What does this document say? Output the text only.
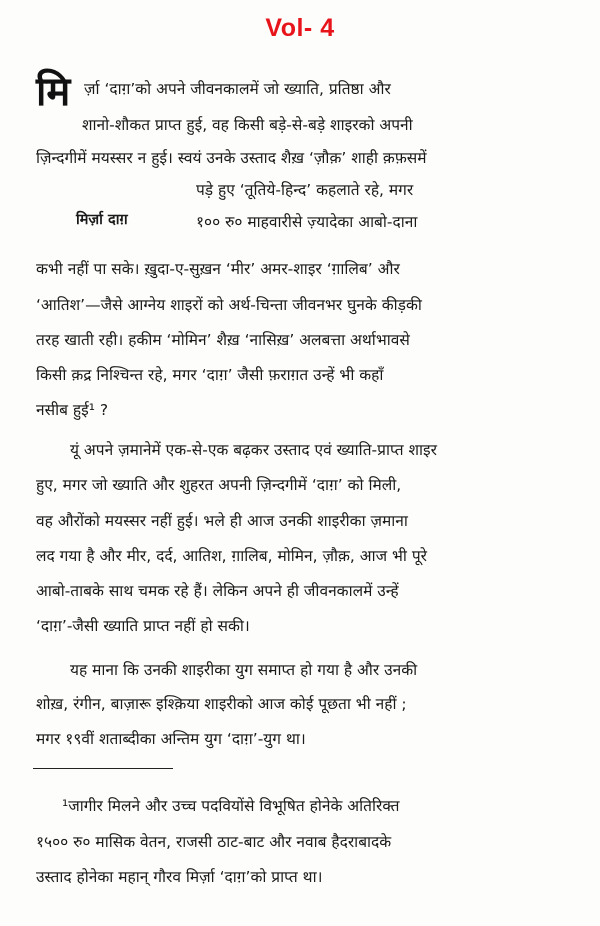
Vol- 4
मि र्ज़ा ‘दाग़’को अपने जीवनकालमें जो ख्याति, प्रतिष्ठा और
शानो-शौकत प्राप्त हुई, वह किसी बड़े-से-बड़े शाइरको अपनी
ज़िन्दगीमें मयस्सर न हुई। स्वयं उनके उस्ताद शैख़ ‘ज़ौक़’ शाही क़फ़समें
पड़े हुए ‘तूतिये-हिन्द’ कहलाते रहे, मगर
मिर्ज़ा दाग़	१०० रु० माहवारीसे ज़्यादेका आबो-दाना
कभी नहीं पा सके। ख़ुदा-ए-सुख़न ‘मीर’ अमर-शाइर ‘ग़ालिब’ और
‘आतिश’—जैसे आग्नेय शाइरों को अर्थ-चिन्ता जीवनभर घुनके कीड़की
तरह खाती रही। हकीम ‘मोमिन’ शैख़ ‘नासिख़’ अलबत्ता अर्थाभावसे
किसी क़द्र निश्चिन्त रहे, मगर ‘दाग़’ जैसी फ़राग़त उन्हें भी कहाँ
नसीब हुई¹ ?
यूं अपने ज़मानेमें एक-से-एक बढ़कर उस्ताद एवं ख्याति-प्राप्त शाइर
हुए, मगर जो ख्याति और शुहरत अपनी ज़िन्दगीमें ‘दाग़’ को मिली,
वह औरोंको मयस्सर नहीं हुई। भले ही आज उनकी शाइरीका ज़माना
लद गया है और मीर, दर्द, आतिश, ग़ालिब, मोमिन, ज़ौक़, आज भी पूरे
आबो-ताबके साथ चमक रहे हैं। लेकिन अपने ही जीवनकालमें उन्हें
‘दाग़’-जैसी ख्याति प्राप्त नहीं हो सकी।
यह माना कि उनकी शाइरीका युग समाप्त हो गया है और उनकी
शोख़, रंगीन, बाज़ारू इश्क़िया शाइरीको आज कोई पूछता भी नहीं ;
मगर १९वीं शताब्दीका अन्तिम युग ‘दाग़’-युग था।
¹जागीर मिलने और उच्च पदवियोंसे विभूषित होनेके अतिरिक्त
१५०० रु० मासिक वेतन, राजसी ठाट-बाट और नवाब हैदराबादके
उस्ताद होनेका महान् गौरव मिर्ज़ा ‘दाग़’को प्राप्त था।
